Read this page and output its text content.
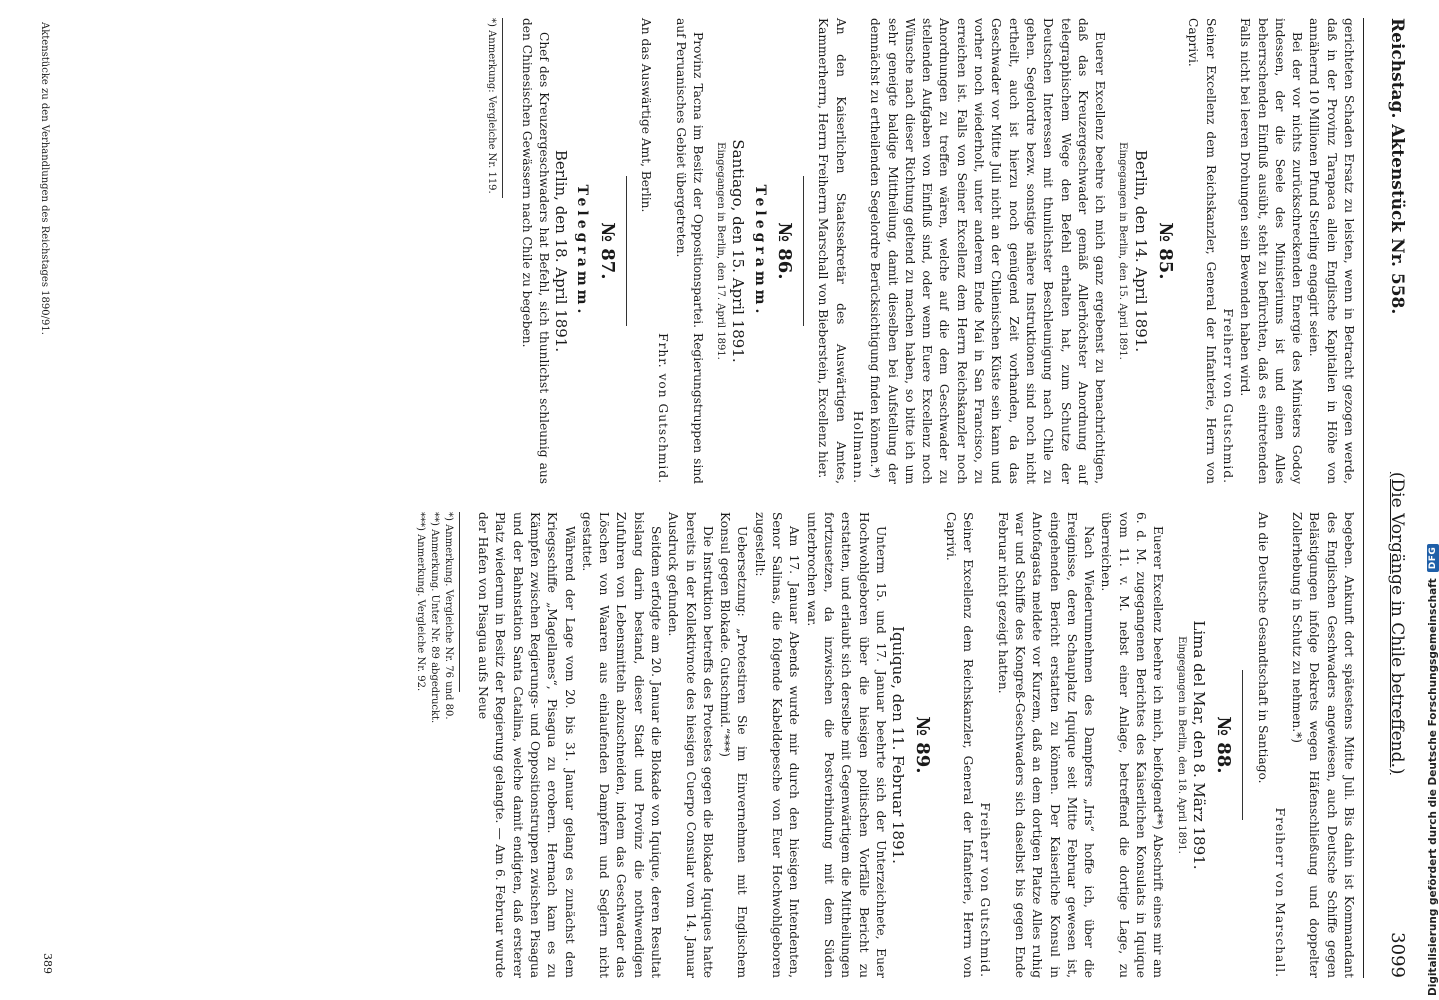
Reichstag. Aktenstück Nr. 558.
(Die Vorgänge in Chile betreffend.)
3099

gerichteten Schaden Ersatz zu leisten, wenn in Betracht gezogen werde, daß in der Provinz Tarapaca allein Englische Kapitalien in Höhe von annähernd 10 Millionen Pfund Sterling engagirt seien.

Bei der vor nichts zurückschreckenden Energie des Ministers Godoy indessen, der die Seele des Ministeriums ist und einen Alles beherrschenden Einfluß ausübt, steht zu befürchten, daß es eintretenden Falls nicht bei leeren Drohungen sein Bewenden haben wird.

Freiherr von Gutschmid.

Seiner Excellenz dem Reichskanzler, General der Infanterie, Herrn von Caprivi.

№ 85.
Berlin, den 14. April 1891.
Eingegangen in Berlin, den 15. April 1891.

Euerer Excellenz beehre ich mich ganz ergebenst zu benachrichtigen, daß das Kreuzergeschwader gemäß Allerhöchster Anordnung auf telegraphischem Wege den Befehl erhalten hat, zum Schutze der Deutschen Interessen mit thunlichster Beschleunigung nach Chile zu gehen. Segelordre bezw. sonstige nähere Instruktionen sind noch nicht ertheilt, auch ist hierzu noch genügend Zeit vorhanden, da das Geschwader vor Mitte Juli nicht an der Chilenischen Küste sein kann und vorher noch wiederholt, unter anderem Ende Mai in San Francisco, zu erreichen ist. Falls von Seiner Excellenz dem Herrn Reichskanzler noch Anordnungen zu treffen wären, welche auf die dem Geschwader zu stellenden Aufgaben von Einfluß sind, oder wenn Euere Excellenz noch Wünsche nach dieser Richtung geltend zu machen haben, so bitte ich um sehr geneigte baldige Mittheilung, damit dieselben bei Aufstellung der demnächst zu ertheilenden Segelordre Berücksichtigung finden können.*)

Hollmann.

An den Kaiserlichen Staatssekretär des Auswärtigen Amtes, Kammerherrn, Herrn Freiherrn Marschall von Bieberstein, Excellenz hier.

№ 86.
Telegramm.
Santiago, den 15. April 1891.
Eingegangen in Berlin, den 17. April 1891.

Provinz Tacna im Besitz der Oppositionspartei. Regierungstruppen sind auf Peruanisches Gebiet übergetreten.

Frhr. von Gutschmid.

An das Auswärtige Amt, Berlin.

№ 87.
Telegramm.
Berlin, den 18. April 1891.

Chef des Kreuzergeschwaders hat Befehl, sich thunlichst schleunig aus den Chinesischen Gewässern nach Chile zu begeben.

*) Anmerkung: Vergleiche Nr. 119.

begeben. Ankunft dort spätestens Mitte Juli. Bis dahin ist Kommandant des Englischen Geschwaders angewiesen, auch Deutsche Schiffe gegen Belästigungen infolge Dekrets wegen Häfenschließung und doppelter Zollerhebung in Schutz zu nehmen.*)

Freiherr von Marschall.

An die Deutsche Gesandtschaft in Santiago.

№ 88.
Lima del Mar, den 8. März 1891.
Eingegangen in Berlin, den 18. April 1891.

Euerer Excellenz beehre ich mich, beifolgend**) Abschrift eines mir am 6. d. M. zugegangenen Berichtes des Kaiserlichen Konsulats in Iquique vom 11. v. M. nebst einer Anlage, betreffend die dortige Lage, zu überreichen.

Nach Wiederumnehmen des Dampfers „Iris“ hoffe ich, über die Ereignisse, deren Schauplatz Iquique seit Mitte Februar gewesen ist, eingehenden Bericht erstatten zu können. Der Kaiserliche Konsul in Antofagasta meldete vor Kurzem, daß an dem dortigen Platze Alles ruhig war und Schiffe des Kongreß-Geschwaders sich daselbst bis gegen Ende Februar nicht gezeigt hatten.

Freiherr von Gutschmid.

Seiner Excellenz dem Reichskanzler, General der Infanterie, Herrn von Caprivi.

№ 89.
Iquique, den 11. Februar 1891.

Unterm 15. und 17. Januar beehrte sich der Unterzeichnete, Euer Hochwohlgeboren über die hiesigen politischen Vorfälle Bericht zu erstatten, und erlaubt sich derselbe mit Gegenwärtigem die Mittheilungen fortzusetzen, da inzwischen die Postverbindung mit dem Süden unterbrochen war.

Am 17. Januar Abends wurde mir durch den hiesigen Intendenten, Senor Salinas, die folgende Kabeldepesche von Euer Hochwohlgeboren zugestellt:

Uebersetzung: „Protestiren Sie im Einvernehmen mit Englischem Konsul gegen Blokade. Gutschmid.“***)

Die Instruktion betreffs des Protestes gegen die Blokade Iquiques hatte bereits in der Kollektivnote des hiesigen Cuerpo Consular vom 14. Januar Ausdruck gefunden.

Seitdem erfolgte am 20. Januar die Blokade von Iquique, deren Resultat bislang darin bestand, dieser Stadt und Provinz die nothwendigen Zufuhren von Lebensmitteln abzuschneiden, indem das Geschwader das Löschen von Waaren aus einlaufenden Dampfern und Seglern nicht gestattet.

Während der Lage vom 20. bis 31. Januar gelang es zunächst dem Kriegsschiffe „Magellanes“, Pisagua zu erobern. Hernach kam es zu Kämpfen zwischen Regierungs- und Oppositionstruppen zwischen Pisagua und der Bahnstation Santa Catalina, welche damit endigten, daß ersterer Platz wiederum in Besitz der Regierung gelangte. — Am 6. Februar wurde der Hafen von Pisagua aufs Neue

*) Anmerkung. Vergleiche Nr. 76 und 80.

**) Anmerkung. Unter Nr. 89 abgedruckt.

***) Anmerkung. Vergleiche Nr. 92.

Aktenstücke zu den Verhandlungen des Reichstages 1890/91.
389	Digitalisierung gefördert durch die Deutsche Forschungsgemeinschaft
DFG
